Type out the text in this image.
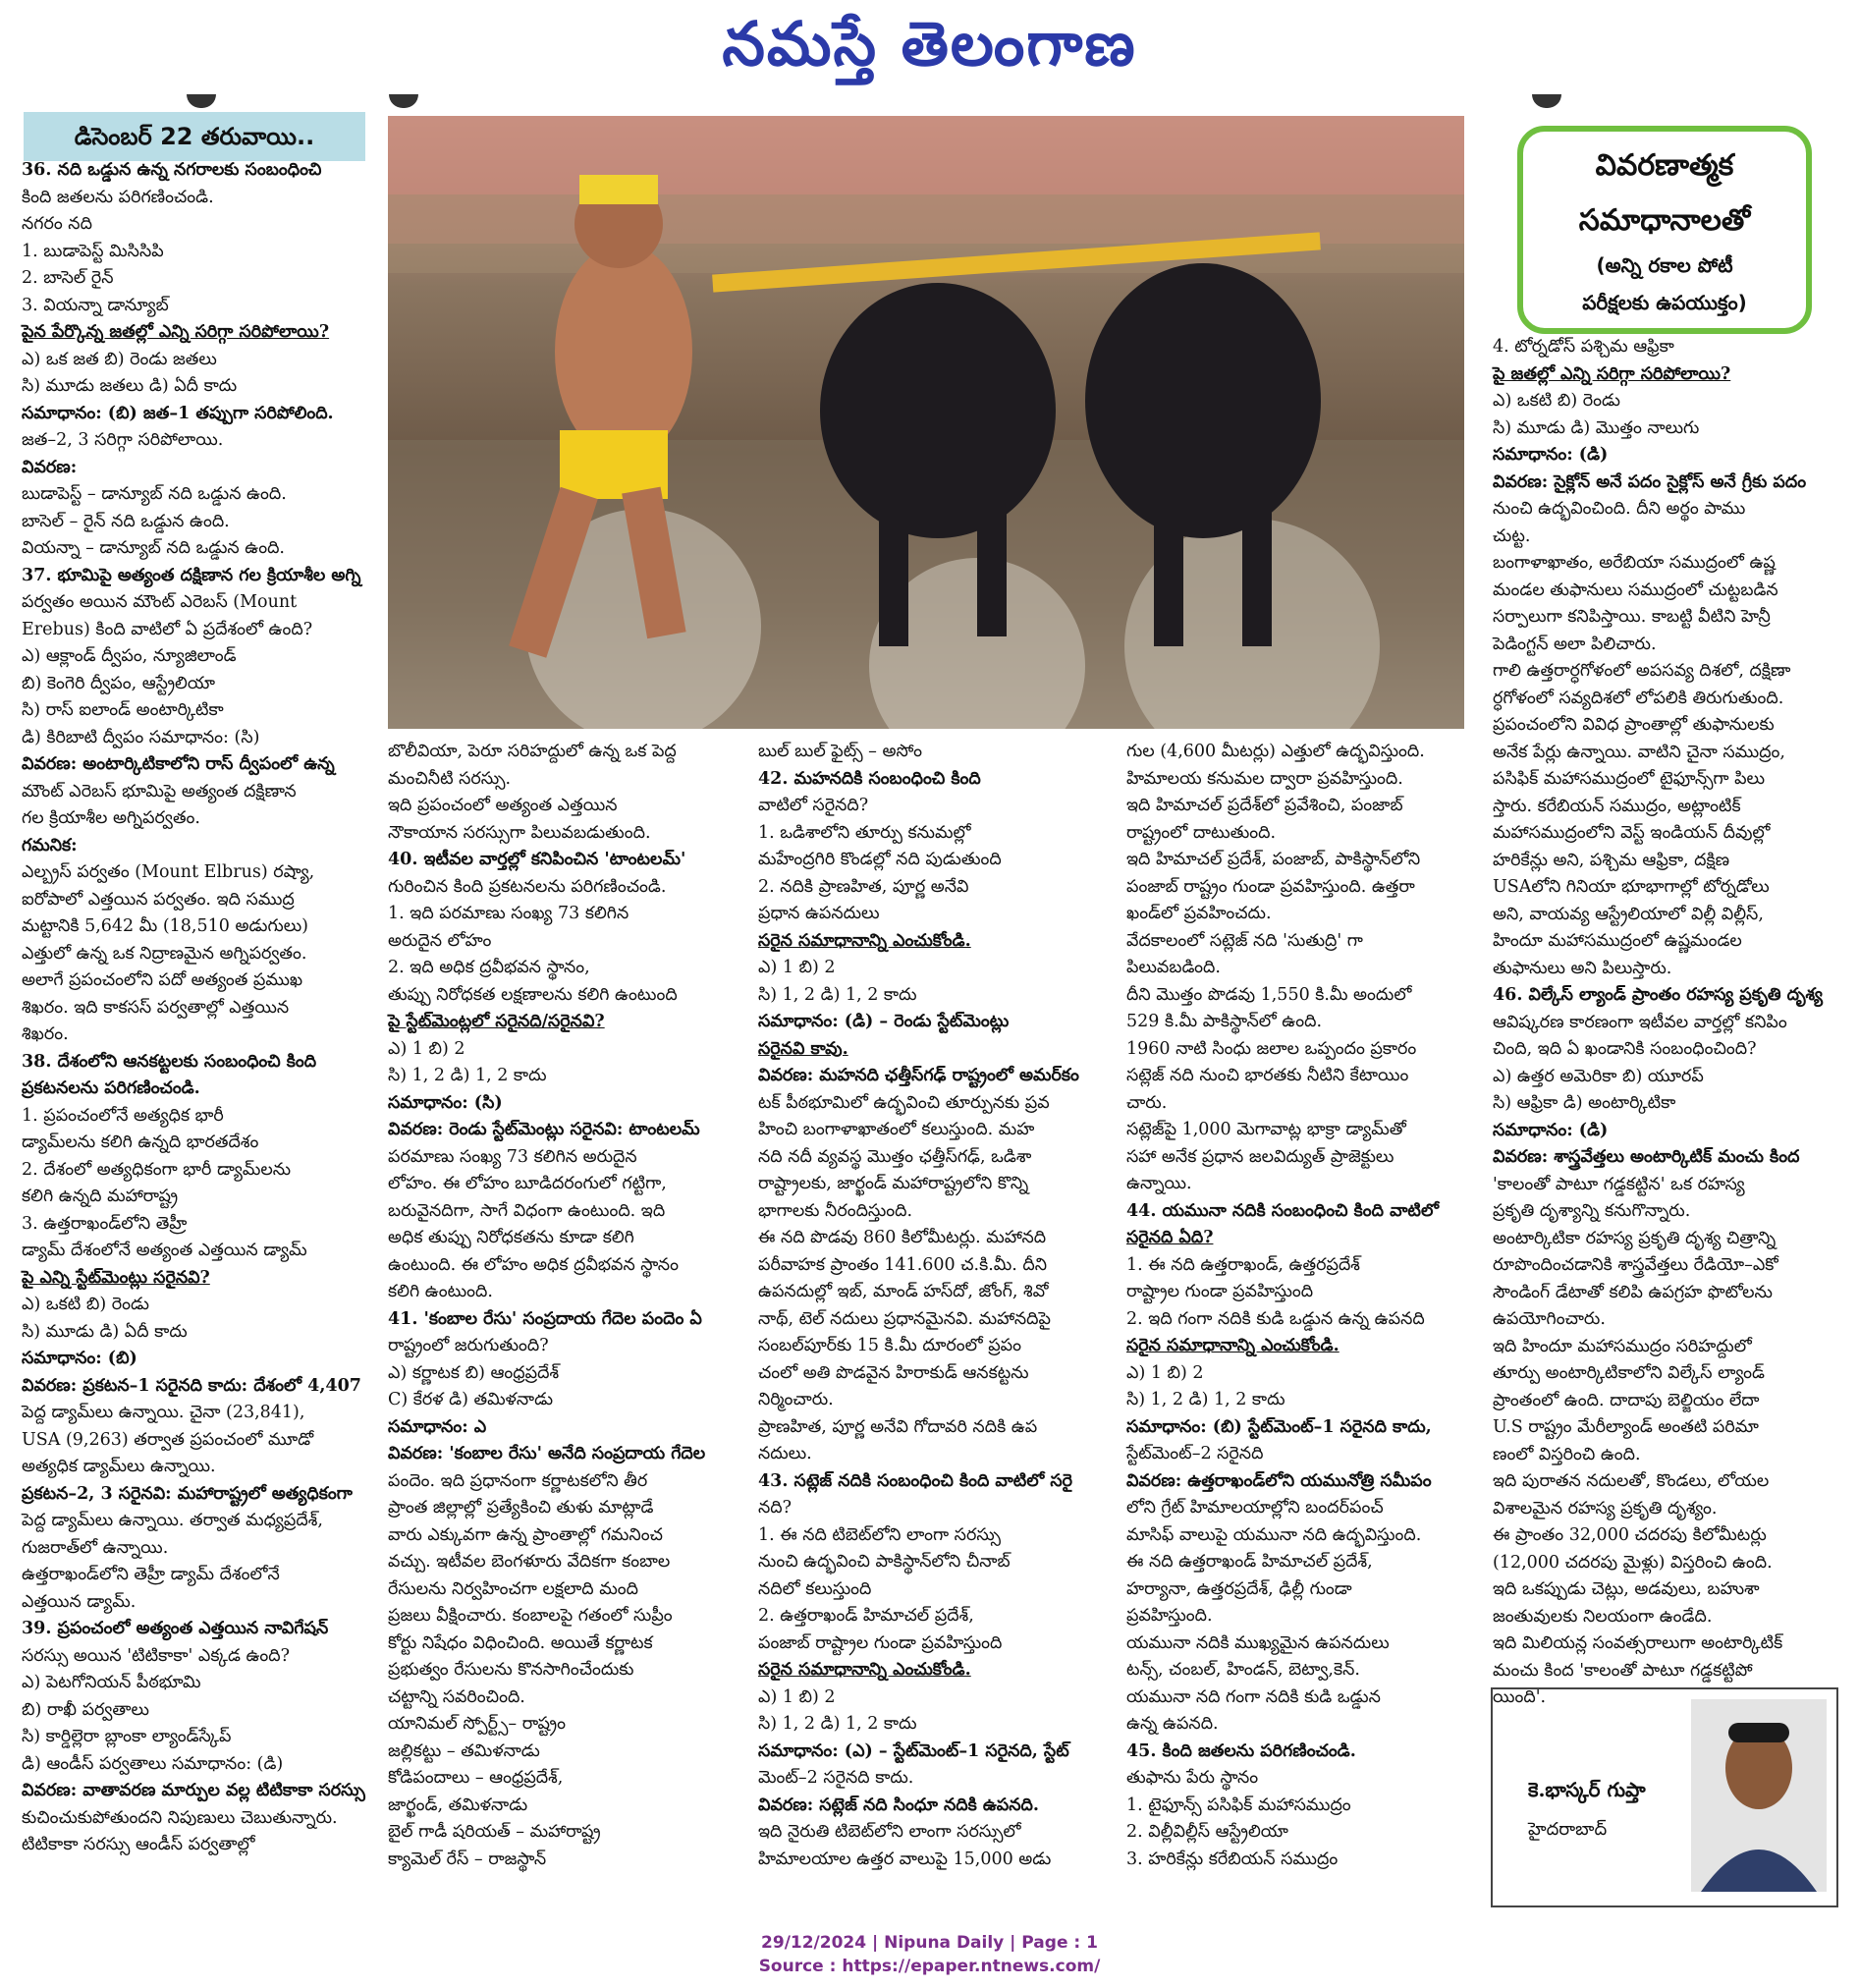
నమస్తే తెలంగాణ
డిసెంబర్ 22 తరువాయి..
వివరణాత్మక
సమాధానాలతో
(అన్ని రకాల పోటీ
పరీక్షలకు ఉపయుక్తం)

36. నది ఒడ్డున ఉన్న నగరాలకు సంబంధించి

కింది జతలను పరిగణించండి.

నగరం నది

1. బుడాపెస్ట్ మిసిసిపి

2. బాసెల్ రైన్

3. వియన్నా డాన్యూబ్

పైన పేర్కొన్న జతల్లో ఎన్ని సరిగ్గా సరిపోలాయి?

ఎ) ఒక జత బి) రెండు జతలు

సి) మూడు జతలు డి) ఏదీ కాదు

సమాధానం: (బి) జత–1 తప్పుగా సరిపోలింది.

జత–2, 3 సరిగ్గా సరిపోలాయి.

వివరణ:

బుడాపెస్ట్ – డాన్యూబ్ నది ఒడ్డున ఉంది.

బాసెల్ – రైన్ నది ఒడ్డున ఉంది.

వియన్నా – డాన్యూబ్ నది ఒడ్డున ఉంది.

37. భూమిపై అత్యంత దక్షిణాన గల క్రియాశీల అగ్ని

పర్వతం అయిన మౌంట్ ఎరెబస్ (Mount

Erebus) కింది వాటిలో ఏ ప్రదేశంలో ఉంది?

ఎ) ఆక్లాండ్ ద్వీపం, న్యూజిలాండ్

బి) కెంగెరి ద్వీపం, ఆస్ట్రేలియా

సి) రాస్ ఐలాండ్ అంటార్కిటికా

డి) కిరిబాటి ద్వీపం సమాధానం: (సి)

వివరణ: అంటార్కిటికాలోని రాస్ ద్వీపంలో ఉన్న

మౌంట్ ఎరెబస్ భూమిపై అత్యంత దక్షిణాన

గల క్రియాశీల అగ్నిపర్వతం.

గమనిక:

ఎల్బ్రస్ పర్వతం (Mount Elbrus) రష్యా,

ఐరోపాలో ఎత్తయిన పర్వతం. ఇది సముద్ర

మట్టానికి 5,642 మీ (18,510 అడుగులు)

ఎత్తులో ఉన్న ఒక నిద్రాణమైన అగ్నిపర్వతం.

అలాగే ప్రపంచంలోని పదో అత్యంత ప్రముఖ

శిఖరం. ఇది కాకసస్ పర్వతాల్లో ఎత్తయిన

శిఖరం.

38. దేశంలోని ఆనకట్టలకు సంబంధించి కింది

ప్రకటనలను పరిగణించండి.

1. ప్రపంచంలోనే అత్యధిక భారీ

డ్యామ్‌లను కలిగి ఉన్నది భారతదేశం

2. దేశంలో అత్యధికంగా భారీ డ్యామ్‌లను

కలిగి ఉన్నది మహారాష్ట్ర

3. ఉత్తరాఖండ్‌లోని తెహ్రీ

డ్యామ్ దేశంలోనే అత్యంత ఎత్తయిన డ్యామ్

పై ఎన్ని స్టేట్‌మెంట్లు సరైనవి?

ఎ) ఒకటి బి) రెండు

సి) మూడు డి) ఏదీ కాదు

సమాధానం: (బి)

వివరణ: ప్రకటన–1 సరైనది కాదు: దేశంలో 4,407

పెద్ద డ్యామ్‌లు ఉన్నాయి. చైనా (23,841),

USA (9,263) తర్వాత ప్రపంచంలో మూడో

అత్యధిక డ్యామ్‌లు ఉన్నాయి.

ప్రకటన–2, 3 సరైనవి: మహారాష్ట్రలో అత్యధికంగా

పెద్ద డ్యామ్‌లు ఉన్నాయి. తర్వాత మధ్యప్రదేశ్,

గుజరాత్‌లో ఉన్నాయి.

ఉత్తరాఖండ్‌లోని తెహ్రీ డ్యామ్ దేశంలోనే

ఎత్తయిన డ్యామ్.

39. ప్రపంచంలో అత్యంత ఎత్తయిన నావిగేషన్

సరస్సు అయిన 'టిటికాకా' ఎక్కడ ఉంది?

ఎ) పెటగోనియన్ పీఠభూమి

బి) రాఖీ పర్వతాలు

సి) కార్డిల్లెరా బ్లాంకా ల్యాండ్‌స్కేప్

డి) ఆండీస్ పర్వతాలు సమాధానం: (డి)

వివరణ: వాతావరణ మార్పుల వల్ల టిటికాకా సరస్సు

కుచించుకుపోతుందని నిపుణులు చెబుతున్నారు.

టిటికాకా సరస్సు ఆండీస్ పర్వతాల్లో

బొలీవియా, పెరూ సరిహద్దులో ఉన్న ఒక పెద్ద

మంచినీటి సరస్సు.

ఇది ప్రపంచంలో అత్యంత ఎత్తయిన

నౌకాయాన సరస్సుగా పిలువబడుతుంది.

40. ఇటీవల వార్తల్లో కనిపించిన 'టాంటలమ్'

గురించిన కింది ప్రకటనలను పరిగణించండి.

1. ఇది పరమాణు సంఖ్య 73 కలిగిన

అరుదైన లోహం

2. ఇది అధిక ద్రవీభవన స్థానం,

తుప్పు నిరోధకత లక్షణాలను కలిగి ఉంటుంది

పై స్టేట్‌మెంట్లలో సరైనది/సరైనవి?

ఎ) 1 బి) 2

సి) 1, 2 డి) 1, 2 కాదు

సమాధానం: (సి)

వివరణ: రెండు స్టేట్‌మెంట్లు సరైనవి: టాంటలమ్

పరమాణు సంఖ్య 73 కలిగిన అరుదైన

లోహం. ఈ లోహం బూడిదరంగులో గట్టిగా,

బరువైనదిగా, సాగే విధంగా ఉంటుంది. ఇది

అధిక తుప్పు నిరోధకతను కూడా కలిగి

ఉంటుంది. ఈ లోహం అధిక ద్రవీభవన స్థానం

కలిగి ఉంటుంది.

41. 'కంబాల రేసు' సంప్రదాయ గేదెల పందెం ఏ

రాష్ట్రంలో జరుగుతుంది?

ఎ) కర్ణాటక బి) ఆంధ్రప్రదేశ్

C) కేరళ డి) తమిళనాడు

సమాధానం: ఎ

వివరణ: 'కంబాల రేసు' అనేది సంప్రదాయ గేదెల

పందెం. ఇది ప్రధానంగా కర్ణాటకలోని తీర

ప్రాంత జిల్లాల్లో ప్రత్యేకించి తుళు మాట్లాడే

వారు ఎక్కువగా ఉన్న ప్రాంతాల్లో గమనించ

వచ్చు. ఇటీవల బెంగళూరు వేదికగా కంబాల

రేసులను నిర్వహించగా లక్షలాది మంది

ప్రజలు వీక్షించారు. కంబాలపై గతంలో సుప్రీం

కోర్టు నిషేధం విధించింది. అయితే కర్ణాటక

ప్రభుత్వం రేసులను కొనసాగించేందుకు

చట్టాన్ని సవరించింది.

యానిమల్ స్పోర్ట్స్– రాష్ట్రం

జల్లికట్టు – తమిళనాడు

కోడిపందాలు – ఆంధ్రప్రదేశ్,

జార్ఖండ్, తమిళనాడు

బైల్ గాడీ షరియత్ – మహారాష్ట్ర

క్యామెల్ రేస్ – రాజస్థాన్

బుల్ బుల్ ఫైట్స్ – అసోం

42. మహనదికి సంబంధించి కింది

వాటిలో సరైనది?

1. ఒడిశాలోని తూర్పు కనుమల్లో

మహేంద్రగిరి కొండల్లో నది పుడుతుంది

2. నదికి ప్రాణహిత, పూర్ణ అనేవి

ప్రధాన ఉపనదులు

సరైన సమాధానాన్ని ఎంచుకోండి.

ఎ) 1 బి) 2

సి) 1, 2 డి) 1, 2 కాదు

సమాధానం: (డి) – రెండు స్టేట్‌మెంట్లు

సరైనవి కావు.

వివరణ: మహనది ఛత్తీస్‌గఢ్ రాష్ట్రంలో అమర్‌కం

టక్ పీఠభూమిలో ఉద్భవించి తూర్పునకు ప్రవ

హించి బంగాళాఖాతంలో కలుస్తుంది. మహ

నది నదీ వ్యవస్థ మొత్తం ఛత్తీస్‌గఢ్, ఒడిశా

రాష్ట్రాలకు, జార్ఖండ్ మహారాష్ట్రలోని కొన్ని

భాగాలకు నీరందిస్తుంది.

ఈ నది పొడవు 860 కిలోమీటర్లు. మహానది

పరీవాహక ప్రాంతం 141.600 చ.కి.మీ. దీని

ఉపనదుల్లో ఇబ్, మాండ్ హస్‌దో, జోంగ్, శివో

నాథ్, టెల్ నదులు ప్రధానమైనవి. మహానదిపై

సంబల్‌పూర్‌కు 15 కి.మీ దూరంలో ప్రపం

చంలో అతి పొడవైన హిరాకుడ్ ఆనకట్టను

నిర్మించారు.

ప్రాణహిత, పూర్ణ అనేవి గోదావరి నదికి ఉప

నదులు.

43. సట్లెజ్ నదికి సంబంధించి కింది వాటిలో సరై

నది?

1. ఈ నది టిబెట్‌లోని లాంగా సరస్సు

నుంచి ఉద్భవించి పాకిస్థాన్‌లోని చీనాబ్

నదిలో కలుస్తుంది

2. ఉత్తరాఖండ్ హిమాచల్ ప్రదేశ్,

పంజాబ్ రాష్ట్రాల గుండా ప్రవహిస్తుంది

సరైన సమాధానాన్ని ఎంచుకోండి.

ఎ) 1 బి) 2

సి) 1, 2 డి) 1, 2 కాదు

సమాధానం: (ఎ) – స్టేట్‌మెంట్–1 సరైనది, స్టేట్

మెంట్–2 సరైనది కాదు.

వివరణ: సట్లెజ్ నది సింధూ నదికి ఉపనది.

ఇది నైరుతి టిబెట్‌లోని లాంగా సరస్సులో

హిమాలయాల ఉత్తర వాలుపై 15,000 అడు

గుల (4,600 మీటర్లు) ఎత్తులో ఉద్భవిస్తుంది.

హిమాలయ కనుమల ద్వారా ప్రవహిస్తుంది.

ఇది హిమాచల్ ప్రదేశ్‌లో ప్రవేశించి, పంజాబ్

రాష్ట్రంలో దాటుతుంది.

ఇది హిమాచల్ ప్రదేశ్, పంజాబ్, పాకిస్థాన్‌లోని

పంజాబ్ రాష్ట్రం గుండా ప్రవహిస్తుంది. ఉత్తరా

ఖండ్‌లో ప్రవహించదు.

వేదకాలంలో సట్లెజ్ నది 'సుతుద్రి' గా

పిలువబడింది.

దీని మొత్తం పొడవు 1,550 కి.మీ అందులో

529 కి.మీ పాకిస్థాన్‌లో ఉంది.

1960 నాటి సింధు జలాల ఒప్పందం ప్రకారం

సట్లెజ్ నది నుంచి భారతకు నీటిని కేటాయిం

చారు.

సట్లెజ్‌పై 1,000 మెగావాట్ల భాక్రా డ్యామ్‌తో

సహా అనేక ప్రధాన జలవిద్యుత్ ప్రాజెక్టులు

ఉన్నాయి.

44. యమునా నదికి సంబంధించి కింది వాటిలో

సరైనది ఏది?

1. ఈ నది ఉత్తరాఖండ్, ఉత్తరప్రదేశ్

రాష్ట్రాల గుండా ప్రవహిస్తుంది

2. ఇది గంగా నదికి కుడి ఒడ్డున ఉన్న ఉపనది

సరైన సమాధానాన్ని ఎంచుకోండి.

ఎ) 1 బి) 2

సి) 1, 2 డి) 1, 2 కాదు

సమాధానం: (బి) స్టేట్‌మెంట్–1 సరైనది కాదు,

స్టేట్‌మెంట్–2 సరైనది

వివరణ: ఉత్తరాఖండ్‌లోని యమునోత్రి సమీపం

లోని గ్రేట్ హిమాలయాల్లోని బందర్‌పంచ్

మాసిఫ్ వాలుపై యమునా నది ఉద్భవిస్తుంది.

ఈ నది ఉత్తరాఖండ్ హిమాచల్ ప్రదేశ్,

హర్యానా, ఉత్తరప్రదేశ్, ఢిల్లీ గుండా

ప్రవహిస్తుంది.

యమునా నదికి ముఖ్యమైన ఉపనదులు

టన్స్, చంబల్, హిండన్, బెట్వా,కెన్.

యమునా నది గంగా నదికి కుడి ఒడ్డున

ఉన్న ఉపనది.

45. కింది జతలను పరిగణించండి.

తుఫాను పేరు స్థానం

1. టైఫూన్స్ పసిఫిక్ మహాసముద్రం

2. విల్లీవిల్లీస్ ఆస్ట్రేలియా

3. హరికేన్లు కరేబియన్ సముద్రం

4. టోర్నడోస్ పశ్చిమ ఆఫ్రికా

పై జతల్లో ఎన్ని సరిగ్గా సరిపోలాయి?

ఎ) ఒకటి బి) రెండు

సి) మూడు డి) మొత్తం నాలుగు

సమాధానం: (డి)

వివరణ: సైక్లోన్ అనే పదం సైక్లోస్ అనే గ్రీకు పదం

నుంచి ఉద్భవించింది. దీని అర్థం పాము

చుట్ట.

బంగాళాఖాతం, అరేబియా సముద్రంలో ఉష్ణ

మండల తుఫానులు సముద్రంలో చుట్టబడిన

సర్పాలుగా కనిపిస్తాయి. కాబట్టి వీటిని హెన్రీ

పెడింగ్టన్ అలా పిలిచారు.

గాలి ఉత్తరార్ధగోళంలో అపసవ్య దిశలో, దక్షిణా

ర్ధగోళంలో సవ్యదిశలో లోపలికి తిరుగుతుంది.

ప్రపంచంలోని వివిధ ప్రాంతాల్లో తుఫానులకు

అనేక పేర్లు ఉన్నాయి. వాటిని చైనా సముద్రం,

పసిఫిక్ మహాసముద్రంలో టైఫూన్స్‌గా పిలు

స్తారు. కరేబియన్ సముద్రం, అట్లాంటిక్

మహాసముద్రంలోని వెస్ట్ ఇండియన్ దీవుల్లో

హరికేన్లు అని, పశ్చిమ ఆఫ్రికా, దక్షిణ

USAలోని గినియా భూభాగాల్లో టోర్నడోలు

అని, వాయవ్య ఆస్ట్రేలియాలో విల్లీ విల్లీస్,

హిందూ మహాసముద్రంలో ఉష్ణమండల

తుఫానులు అని పిలుస్తారు.

46. విల్కేస్ ల్యాండ్ ప్రాంతం రహస్య ప్రకృతి దృశ్య

ఆవిష్కరణ కారణంగా ఇటీవల వార్తల్లో కనిపిం

చింది, ఇది ఏ ఖండానికి సంబంధించింది?

ఎ) ఉత్తర అమెరికా బి) యూరప్

సి) ఆఫ్రికా డి) అంటార్కిటికా

సమాధానం: (డి)

వివరణ: శాస్త్రవేత్తలు అంటార్కిటిక్ మంచు కింద

'కాలంతో పాటూ గడ్డకట్టిన' ఒక రహస్య

ప్రకృతి దృశ్యాన్ని కనుగొన్నారు.

అంటార్కిటికా రహస్య ప్రకృతి దృశ్య చిత్రాన్ని

రూపొందించడానికి శాస్త్రవేత్తలు రేడియో–ఎకో

సౌండింగ్ డేటాతో కలిపి ఉపగ్రహ ఫొటోలను

ఉపయోగించారు.

ఇది హిందూ మహాసముద్రం సరిహద్దులో

తూర్పు అంటార్కిటికాలోని విల్కేస్ ల్యాండ్

ప్రాంతంలో ఉంది. దాదాపు బెల్జియం లేదా

U.S రాష్ట్రం మేరీల్యాండ్ అంతటి పరిమా

ణంలో విస్తరించి ఉంది.

ఇది పురాతన నదులతో, కొండలు, లోయల

విశాలమైన రహస్య ప్రకృతి దృశ్యం.

ఈ ప్రాంతం 32,000 చదరపు కిలోమీటర్లు

(12,000 చదరపు మైళ్లు) విస్తరించి ఉంది.

ఇది ఒకప్పుడు చెట్లు, అడవులు, బహుశా

జంతువులకు నిలయంగా ఉండేది.

ఇది మిలియన్ల సంవత్సరాలుగా అంటార్కిటిక్

మంచు కింద 'కాలంతో పాటూ గడ్డకట్టిపో

యింది'.

కె.భాస్కర్ గుప్తా
హైదరాబాద్
29/12/2024 | Nipuna Daily | Page : 1
Source : https://epaper.ntnews.com/
